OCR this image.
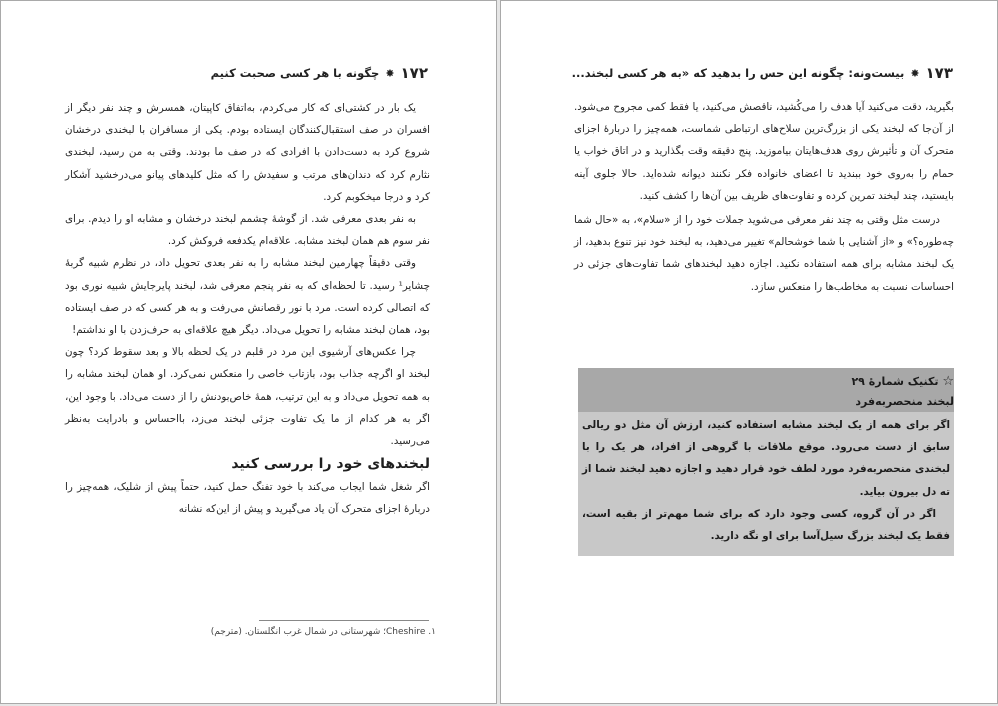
۱۷۲
✸
چگونه با هر کسی صحبت کنیم

یک بار در کشتی‌ای که کار می‌کردم، به‌اتفاق کاپیتان، همسرش و چند نفر دیگر از افسران در صف استقبال‌کنندگان ایستاده بودم. یکی از مسافران با لبخندی درخشان شروع کرد به دست‌دادن با افرادی که در صف ما بودند. وقتی به من رسید، لبخندی نثارم کرد که دندان‌های مرتب و سفیدش را که مثل کلیدهای پیانو می‌درخشید آشکار کرد و درجا میخکوبم کرد.

به نفر بعدی معرفی شد. از گوشهٔ چشمم لبخند درخشان و مشابه او را دیدم. برای نفر سوم هم همان لبخند مشابه. علاقه‌ام یکدفعه فروکش کرد.

وقتی دقیقاً چهارمین لبخند مشابه را به نفر بعدی تحویل داد، در نظرم شبیه گربهٔ چشایر¹ رسید. تا لحظه‌ای که به نفر پنجم معرفی شد، لبخند پایرجایش شبیه نوری بود که اتصالی کرده است. مرد با نور رقصانش می‌رفت و به هر کسی که در صف ایستاده بود، همان لبخند مشابه را تحویل می‌داد. دیگر هیچ علاقه‌ای به حرف‌زدن با او نداشتم!

چرا عکس‌های آرشیوی این مرد در قلبم در یک لحظه بالا و بعد سقوط کرد؟ چون لبخند او اگرچه جذاب بود، بازتاب خاصی را منعکس نمی‌کرد. او همان لبخند مشابه را به همه تحویل می‌داد و به این ترتیب، همهٔ خاص‌بودنش را از دست می‌داد. با وجود این، اگر به هر کدام از ما یک تفاوت جزئی لبخند می‌زد، بااحساس و بادرایت به‌نظر می‌رسید.

لبخندهای خود را بررسی کنید

اگر شغل شما ایجاب می‌کند با خود تفنگ حمل کنید، حتماً پیش از شلیک، همه‌چیز را دربارهٔ اجزای متحرک آن یاد می‌گیرید و پیش از این‌که نشانه

۱. Cheshire؛ شهرستانی در شمال غرب انگلستان. (مترجم)
۱۷۳
✸
بیست‌ونه: چگونه این حس را بدهید که «به هر کسی لبخند...

بگیرید، دقت می‌کنید آیا هدف را می‌کُشید، ناقصش می‌کنید، یا فقط کمی مجروح می‌شود. از آن‌جا که لبخند یکی از بزرگ‌ترین سلاح‌های ارتباطی شماست، همه‌چیز را دربارهٔ اجزای متحرک آن و تأثیرش روی هدف‌هایتان بیاموزید. پنج دقیقه وقت بگذارید و در اتاق خواب یا حمام را به‌روی خود ببندید تا اعضای خانواده فکر نکنند دیوانه شده‌اید. حالا جلوی آینه بایستید، چند لبخند تمرین کرده و تفاوت‌های ظریف بین آن‌ها را کشف کنید.

درست مثل وقتی به چند نفر معرفی می‌شوید جملات خود را از «سلام»، به «حال شما چه‌طوره؟» و «از آشنایی با شما خوشحالم» تغییر می‌دهید، به لبخند خود نیز تنوع بدهید، از یک لبخند مشابه برای همه استفاده نکنید. اجازه دهید لبخندهای شما تفاوت‌های جزئی در احساسات نسبت به مخاطب‌ها را منعکس سازد.

☆ تکنیک شمارهٔ ۲۹
لبخند منحصربه‌فرد

اگر برای همه از یک لبخند مشابه استفاده کنید، ارزش آن مثل دو ریالی سابق از دست می‌رود. موقع ملاقات با گروهی از افراد، هر یک را با لبخندی منحصربه‌فرد مورد لطف خود قرار دهید و اجازه دهید لبخند شما از ته دل بیرون بیاید.

اگر در آن گروه، کسی وجود دارد که برای شما مهم‌تر از بقیه است، فقط یک لبخند بزرگ سیل‌آسا برای او نگه دارید.
